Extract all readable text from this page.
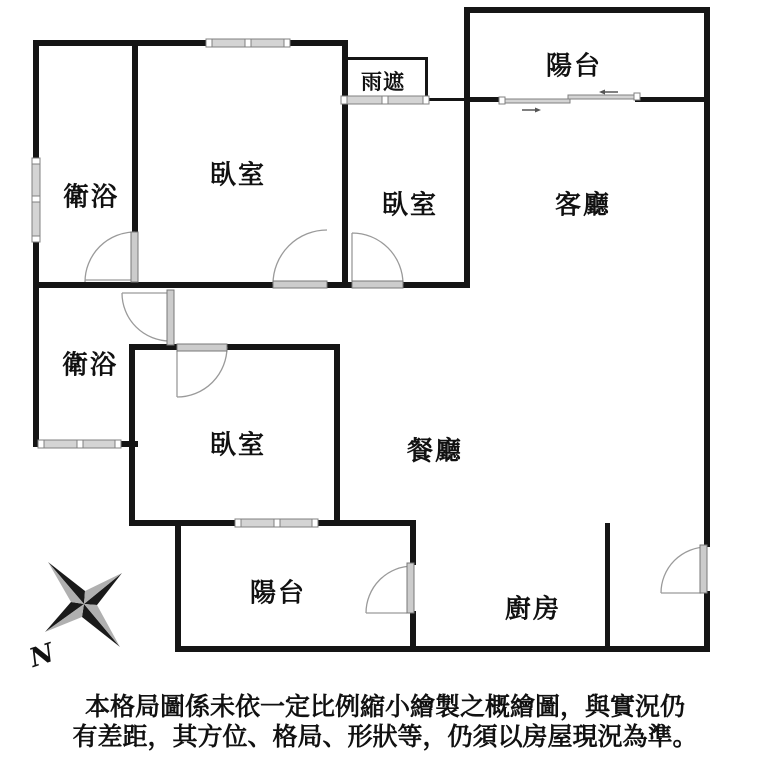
衛浴
臥室
雨遮
臥室	客廳
陽台
衛浴
臥室	餐廳
陽台
廚房
N
本格局圖係未依一定比例縮小繪製之概繪圖，與實況仍
有差距，其方位、格局、形狀等，仍須以房屋現況為準。
